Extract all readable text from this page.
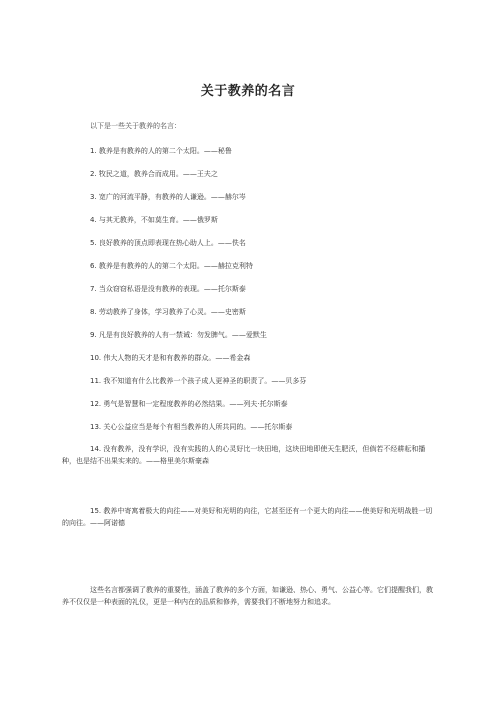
关于教养的名言
以下是一些关于教养的名言：
1. 教养是有教养的人的第二个太阳。——秘鲁
2. 牧民之道，教养合而成用。——王夫之
3. 宽广的河流平静，有教养的人谦逊。——赫尔岑
4. 与其无教养，不如莫生育。——俄罗斯
5. 良好教养的顶点即表现在热心助人上。——佚名
6. 教养是有教养的人的第二个太阳。——赫拉克利特
7. 当众窃窃私语是没有教养的表现。——托尔斯泰
8. 劳动教养了身体，学习教养了心灵。——史密斯
9. 凡是有良好教养的人有一禁诫：勿发脾气。——爱默生
10. 伟大人物的天才是和有教养的群众。——希金森
11. 我不知道有什么比教养一个孩子成人更神圣的职责了。——贝多芬
12. 勇气是智慧和一定程度教养的必然结果。——列夫·托尔斯泰
13. 关心公益应当是每个有相当教养的人所共同的。——托尔斯泰
14. 没有教养，没有学识，没有实践的人的心灵好比一块田地，这块田地即使天生肥沃，但倘若不经耕耘和播种，也是结不出果实来的。——格里美尔斯豪森
15. 教养中寄寓着极大的向往——对美好和光明的向往，它甚至还有一个更大的向往——使美好和光明战胜一切的向往。——阿诺德
这些名言都强调了教养的重要性，涵盖了教养的多个方面，如谦逊、热心、勇气、公益心等。它们提醒我们，教养不仅仅是一种表面的礼仪，更是一种内在的品质和修养，需要我们不断地努力和追求。
